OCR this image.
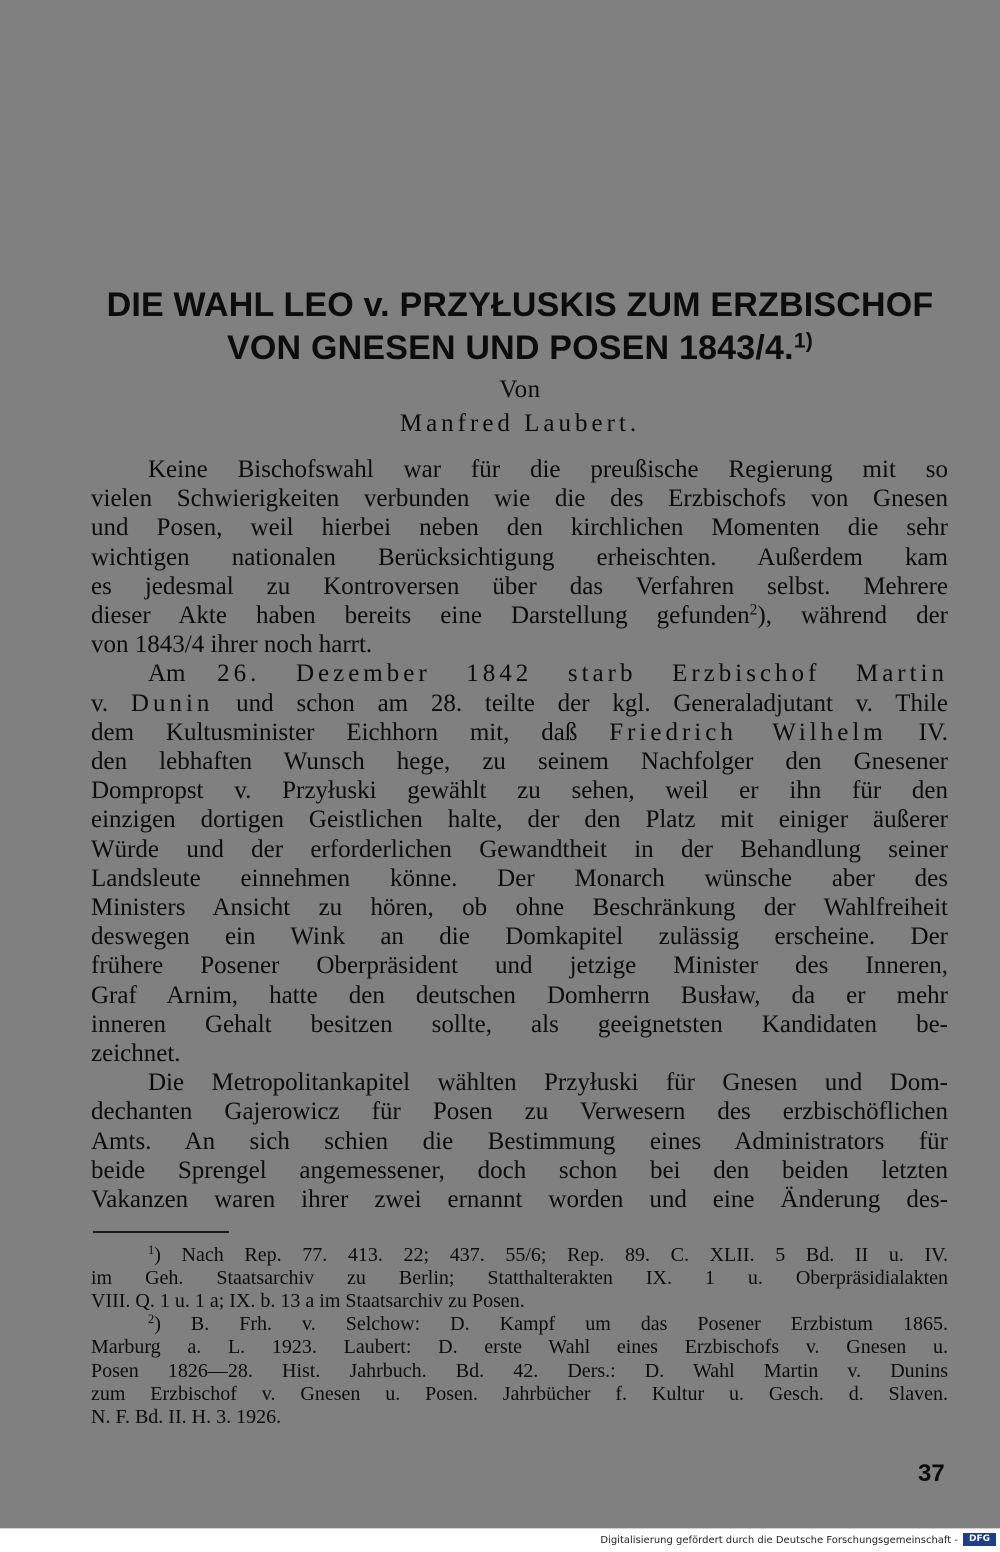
DIE WAHL LEO v. PRZYŁUSKIS ZUM ERZBISCHOF
VON GNESEN UND POSEN 1843/4.$^{1)}$

Von

Manfred Laubert.

Keine Bischofswahl war für die preußische Regierung mit so

vielen Schwierigkeiten verbunden wie die des Erzbischofs von Gnesen

und Posen, weil hierbei neben den kirchlichen Momenten die sehr

wichtigen nationalen Berücksichtigung erheischten. Außerdem kam

es jedesmal zu Kontroversen über das Verfahren selbst. Mehrere

dieser Akte haben bereits eine Darstellung gefunden$^2$), während der

von 1843/4 ihrer noch harrt.

Am 26. Dezember 1842 starb Erzbischof Martin

v. Dunin und schon am 28. teilte der kgl. Generaladjutant v. Thile

dem Kultusminister Eichhorn mit, daß Friedrich Wilhelm IV.

den lebhaften Wunsch hege, zu seinem Nachfolger den Gnesener

Dompropst v. Przyłuski gewählt zu sehen, weil er ihn für den

einzigen dortigen Geistlichen halte, der den Platz mit einiger äußerer

Würde und der erforderlichen Gewandtheit in der Behandlung seiner

Landsleute einnehmen könne. Der Monarch wünsche aber des

Ministers Ansicht zu hören, ob ohne Beschränkung der Wahlfreiheit

deswegen ein Wink an die Domkapitel zulässig erscheine. Der

frühere Posener Oberpräsident und jetzige Minister des Inneren,

Graf Arnim, hatte den deutschen Domherrn Busław, da er mehr

inneren Gehalt besitzen sollte, als geeignetsten Kandidaten be-

zeichnet.

Die Metropolitankapitel wählten Przyłuski für Gnesen und Dom-

dechanten Gajerowicz für Posen zu Verwesern des erzbischöflichen

Amts. An sich schien die Bestimmung eines Administrators für

beide Sprengel angemessener, doch schon bei den beiden letzten

Vakanzen waren ihrer zwei ernannt worden und eine Änderung des-

$^1$) Nach Rep. 77. 413. 22; 437. 55/6; Rep. 89. C. XLII. 5 Bd. II u. IV.

im Geh. Staatsarchiv zu Berlin; Statthalterakten IX. 1 u. Oberpräsidialakten

VIII. Q. 1 u. 1 a; IX. b. 13 a im Staatsarchiv zu Posen.

$^2$) B. Frh. v. Selchow: D. Kampf um das Posener Erzbistum 1865.

Marburg a. L. 1923. Laubert: D. erste Wahl eines Erzbischofs v. Gnesen u.

Posen 1826—28. Hist. Jahrbuch. Bd. 42. Ders.: D. Wahl Martin v. Dunins

zum Erzbischof v. Gnesen u. Posen. Jahrbücher f. Kultur u. Gesch. d. Slaven.

N. F. Bd. II. H. 3. 1926.

37
Digitalisierung gefördert durch die Deutsche Forschungsgemeinschaft -	DFG
